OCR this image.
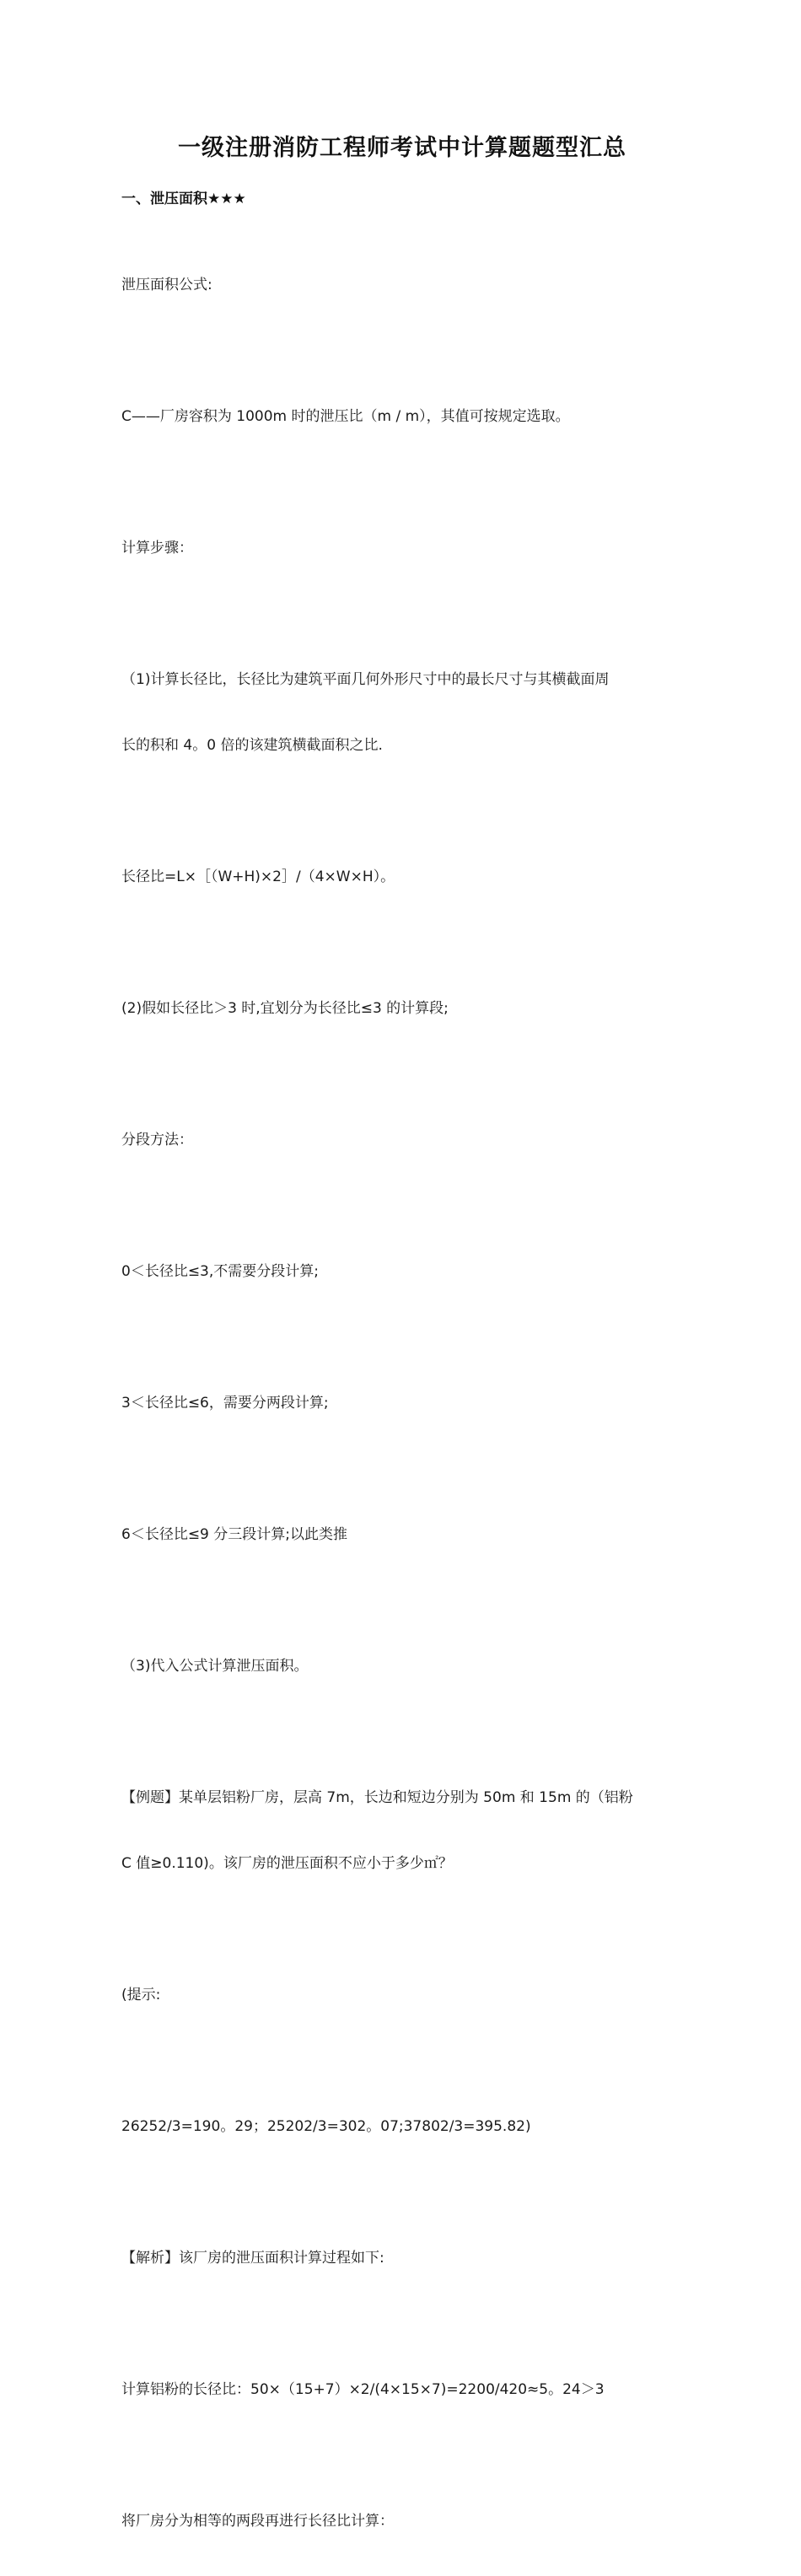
一级注册消防工程师考试中计算题题型汇总
一、泄压面积★★★

泄压面积公式:

C——厂房容积为 1000m 时的泄压比（m / m），其值可按规定选取。

计算步骤：

（1)计算长径比，长径比为建筑平面几何外形尺寸中的最长尺寸与其横截面周

长的积和 4。0 倍的该建筑横截面积之比.

长径比=L×［（W+H)×2］/（4×W×H）。

(2)假如长径比＞3 时,宜划分为长径比≤3 的计算段;

分段方法：

0＜长径比≤3,不需要分段计算;

3＜长径比≤6，需要分两段计算;

6＜长径比≤9 分三段计算;以此类推

（3)代入公式计算泄压面积。

【例题】某单层铝粉厂房，层高 7m，长边和短边分别为 50m 和 15m 的（铝粉

C 值≥0.110)。该厂房的泄压面积不应小于多少㎡？

(提示:

26252/3=190。29；25202/3=302。07;37802/3=395.82)

【解析】该厂房的泄压面积计算过程如下:

计算铝粉的长径比：50×（15+7）×2/(4×15×7)=2200/420≈5。24＞3

将厂房分为相等的两段再进行长径比计算：
